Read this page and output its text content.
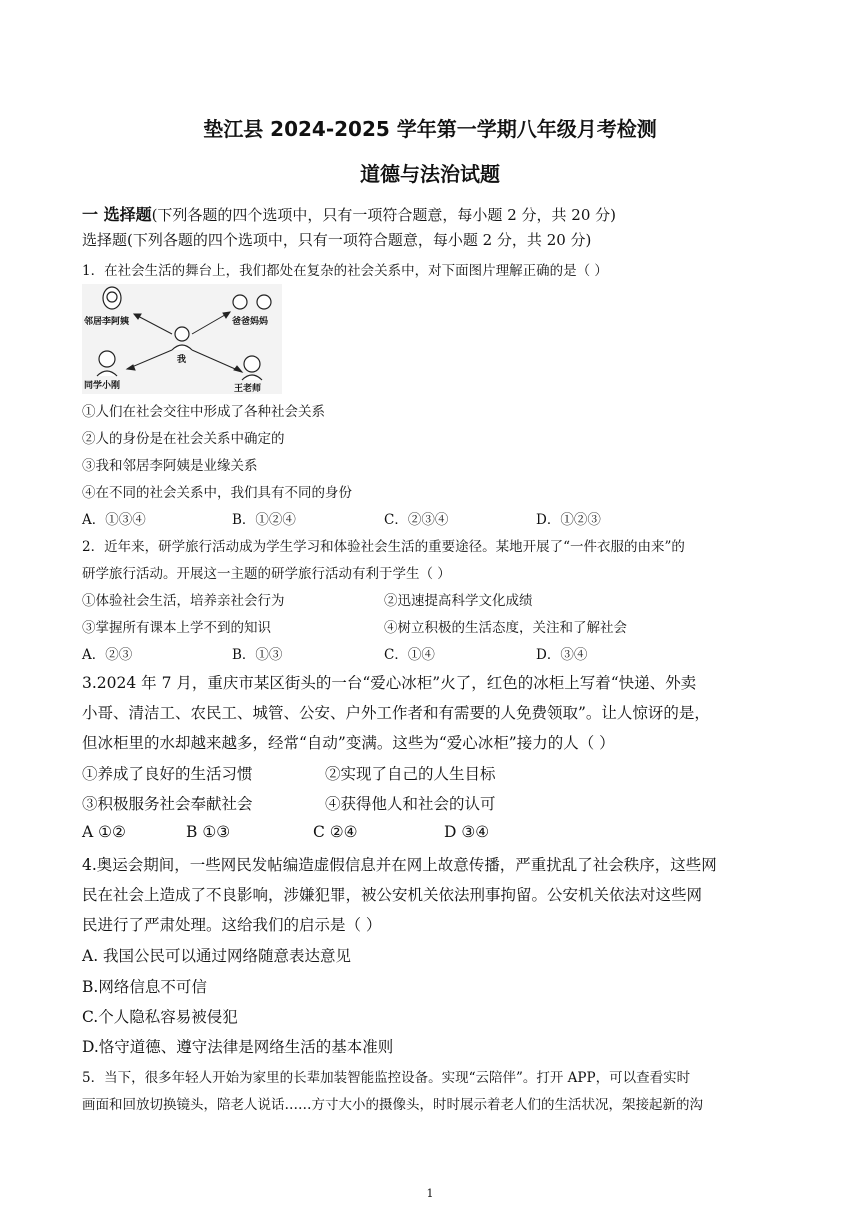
垫江县 2024-2025 学年第一学期八年级月考检测
道德与法治试题
一 选择题(下列各题的四个选项中，只有一项符合题意，每小题 2 分，共 20 分)
选择题(下列各题的四个选项中，只有一项符合题意，每小题 2 分，共 20 分)
1．在社会生活的舞台上，我们都处在复杂的社会关系中，对下面图片理解正确的是（ ）
邻居李阿姨	爸爸妈妈
我
同学小刚	王老师
①人们在社会交往中形成了各种社会关系
②人的身份是在社会关系中确定的
③我和邻居李阿姨是业缘关系
④在不同的社会关系中，我们具有不同的身份
A．①③④	B．①②④	C．②③④	D．①②③
2．近年来，研学旅行活动成为学生学习和体验社会生活的重要途径。某地开展了“一件衣服的由来”的
研学旅行活动。开展这一主题的研学旅行活动有利于学生（ ）
①体验社会生活，培养亲社会行为	②迅速提高科学文化成绩
③掌握所有课本上学不到的知识	④树立积极的生活态度，关注和了解社会
A．②③	B．①③	C．①④	D．③④
3.2024 年 7 月，重庆市某区街头的一台“爱心冰柜”火了，红色的冰柜上写着“快递、外卖
小哥、清洁工、农民工、城管、公安、户外工作者和有需要的人免费领取”。让人惊讶的是，
但冰柜里的水却越来越多，经常“自动”变满。这些为“爱心冰柜”接力的人（ ）
①养成了良好的生活习惯	②实现了自己的人生目标
③积极服务社会奉献社会	④获得他人和社会的认可
A ①②	B ①③	C ②④	D ③④
4.奥运会期间，一些网民发帖编造虚假信息并在网上故意传播，严重扰乱了社会秩序，这些网
民在社会上造成了不良影响，涉嫌犯罪，被公安机关依法刑事拘留。公安机关依法对这些网
民进行了严肃处理。这给我们的启示是（ ）
A. 我国公民可以通过网络随意表达意见
B.网络信息不可信
C.个人隐私容易被侵犯
D.恪守道德、遵守法律是网络生活的基本准则
5．当下，很多年轻人开始为家里的长辈加装智能监控设备。实现“云陪伴”。打开 APP，可以查看实时
画面和回放切换镜头，陪老人说话……方寸大小的摄像头，时时展示着老人们的生活状况，架接起新的沟
1
